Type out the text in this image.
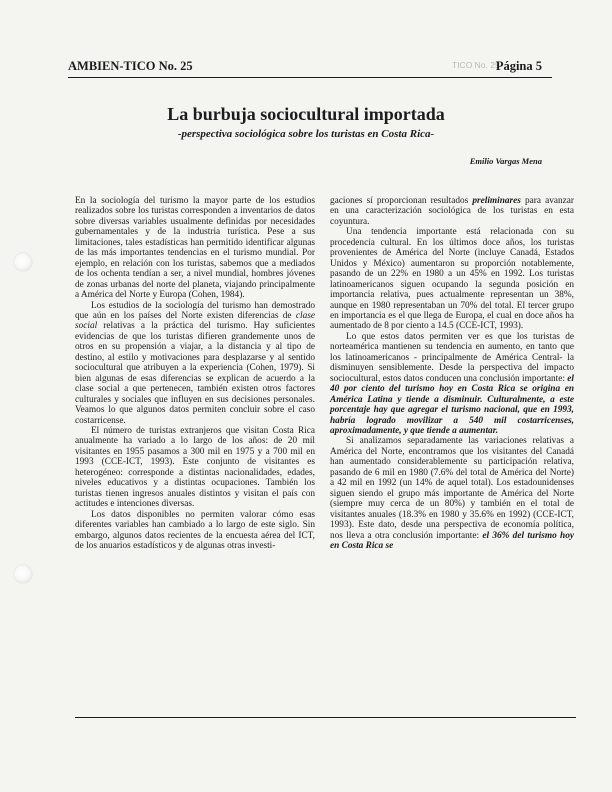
TICO No. 25
AMBIEN-TICO No. 25	Página 5
La burbuja sociocultural importada
-perspectiva sociológica sobre los turistas en Costa Rica-
Emilio Vargas Mena

En la sociología del turismo la mayor parte de los estudios realizados sobre los turistas corresponden a inventarios de datos sobre diversas variables usualmente definidas por necesidades gubernamentales y de la industria turística. Pese a sus limitaciones, tales estadísticas han permitido identificar algunas de las más importantes tendencias en el turismo mundial. Por ejemplo, en relación con los turistas, sabemos que a mediados de los ochenta tendían a ser, a nivel mundial, hombres jóvenes de zonas urbanas del norte del planeta, viajando principalmente a América del Norte y Europa (Cohen, 1984).

Los estudios de la sociología del turismo han demostrado que aún en los países del Norte existen diferencias de clase social relativas a la práctica del turismo. Hay suficientes evidencias de que los turistas difieren grandemente unos de otros en su propensión a viajar, a la distancia y al tipo de destino, al estilo y motivaciones para desplazarse y al sentido sociocultural que atribuyen a la experiencia (Cohen, 1979). Si bien algunas de esas diferencias se explican de acuerdo a la clase social a que pertenecen, también existen otros factores culturales y sociales que influyen en sus decisiones personales. Veamos lo que algunos datos permiten concluir sobre el caso costarricense.

El número de turistas extranjeros que visitan Costa Rica anualmente ha variado a lo largo de los años: de 20 mil visitantes en 1955 pasamos a 300 mil en 1975 y a 700 mil en 1993 (CCE-ICT, 1993). Este conjunto de visitantes es heterogéneo: corresponde a distintas nacionalidades, edades, niveles educativos y a distintas ocupaciones. También los turistas tienen ingresos anuales distintos y visitan el país con actitudes e intenciones diversas.

Los datos disponibles no permiten valorar cómo esas diferentes variables han cambiado a lo largo de este siglo. Sin embargo, algunos datos recientes de la encuesta aérea del ICT, de los anuarios estadísticos y de algunas otras investi-

gaciones sí proporcionan resultados preliminares para avanzar en una caracterización sociológica de los turistas en esta coyuntura.

Una tendencia importante está relacionada con su procedencia cultural. En los últimos doce años, los turistas provenientes de América del Norte (incluye Canadá, Estados Unidos y México) aumentaron su proporción notablemente, pasando de un 22% en 1980 a un 45% en 1992. Los turistas latinoamericanos siguen ocupando la segunda posición en importancia relativa, pues actualmente representan un 38%, aunque en 1980 representaban un 70% del total. El tercer grupo en importancia es el que llega de Europa, el cual en doce años ha aumentado de 8 por ciento a 14.5 (CCE-ICT, 1993).

Lo que estos datos permiten ver es que los turistas de norteamérica mantienen su tendencia en aumento, en tanto que los latinoamericanos - principalmente de América Central- la disminuyen sensiblemente. Desde la perspectiva del impacto sociocultural, estos datos conducen una conclusión importante: el 40 por ciento del turismo hoy en Costa Rica se origina en América Latina y tiende a disminuir. Culturalmente, a este porcentaje hay que agregar el turismo nacional, que en 1993, habría logrado movilizar a 540 mil costarricenses, aproximadamente, y que tiende a aumentar.

Si analizamos separadamente las variaciones relativas a América del Norte, encontramos que los visitantes del Canadá han aumentado considerablemente su participación relativa, pasando de 6 mil en 1980 (7.6% del total de América del Norte) a 42 mil en 1992 (un 14% de aquel total). Los estadounidenses siguen siendo el grupo más importante de América del Norte (siempre muy cerca de un 80%) y también en el total de visitantes anuales (18.3% en 1980 y 35.6% en 1992) (CCE-ICT, 1993). Este dato, desde una perspectiva de economía política, nos lleva a otra conclusión importante: el 36% del turismo hoy en Costa Rica se
